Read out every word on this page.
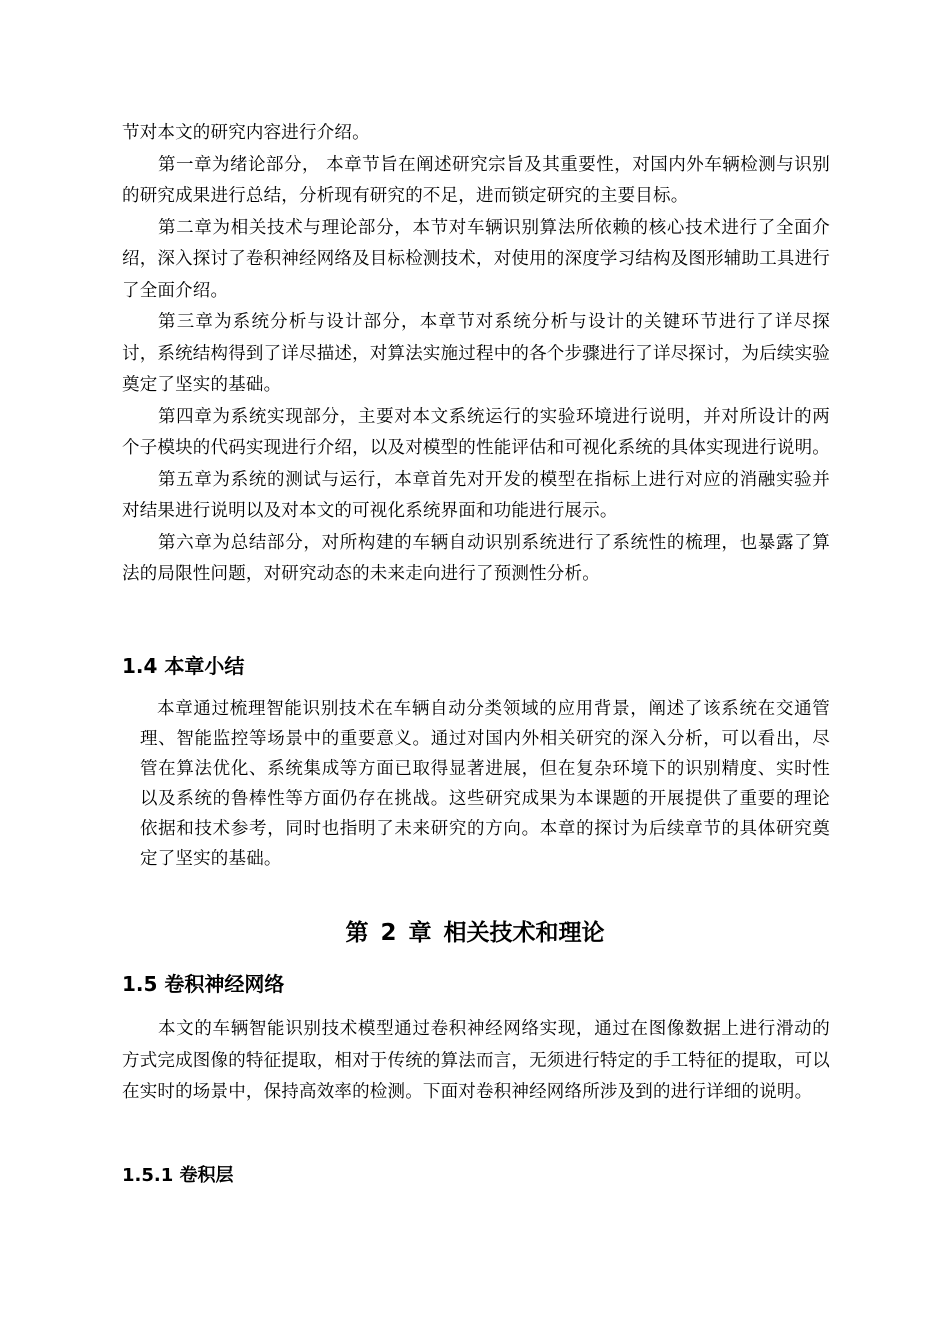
节对本文的研究内容进行介绍。

第一章为绪论部分， 本章节旨在阐述研究宗旨及其重要性，对国内外车辆检测与识别的研究成果进行总结，分析现有研究的不足，进而锁定研究的主要目标。

第二章为相关技术与理论部分，本节对车辆识别算法所依赖的核心技术进行了全面介绍，深入探讨了卷积神经网络及目标检测技术，对使用的深度学习结构及图形辅助工具进行了全面介绍。

第三章为系统分析与设计部分，本章节对系统分析与设计的关键环节进行了详尽探讨，系统结构得到了详尽描述，对算法实施过程中的各个步骤进行了详尽探讨，为后续实验奠定了坚实的基础。

第四章为系统实现部分，主要对本文系统运行的实验环境进行说明，并对所设计的两个子模块的代码实现进行介绍，以及对模型的性能评估和可视化系统的具体实现进行说明。

第五章为系统的测试与运行，本章首先对开发的模型在指标上进行对应的消融实验并对结果进行说明以及对本文的可视化系统界面和功能进行展示。

第六章为总结部分，对所构建的车辆自动识别系统进行了系统性的梳理，也暴露了算法的局限性问题，对研究动态的未来走向进行了预测性分析。

1.4 本章小结

本章通过梳理智能识别技术在车辆自动分类领域的应用背景，阐述了该系统在交通管理、智能监控等场景中的重要意义。通过对国内外相关研究的深入分析，可以看出，尽管在算法优化、系统集成等方面已取得显著进展，但在复杂环境下的识别精度、实时性以及系统的鲁棒性等方面仍存在挑战。这些研究成果为本课题的开展提供了重要的理论依据和技术参考，同时也指明了未来研究的方向。本章的探讨为后续章节的具体研究奠定了坚实的基础。

第 2 章 相关技术和理论
1.5 卷积神经网络

本文的车辆智能识别技术模型通过卷积神经网络实现，通过在图像数据上进行滑动的方式完成图像的特征提取，相对于传统的算法而言，无须进行特定的手工特征的提取，可以在实时的场景中，保持高效率的检测。下面对卷积神经网络所涉及到的进行详细的说明。

1.5.1 卷积层
